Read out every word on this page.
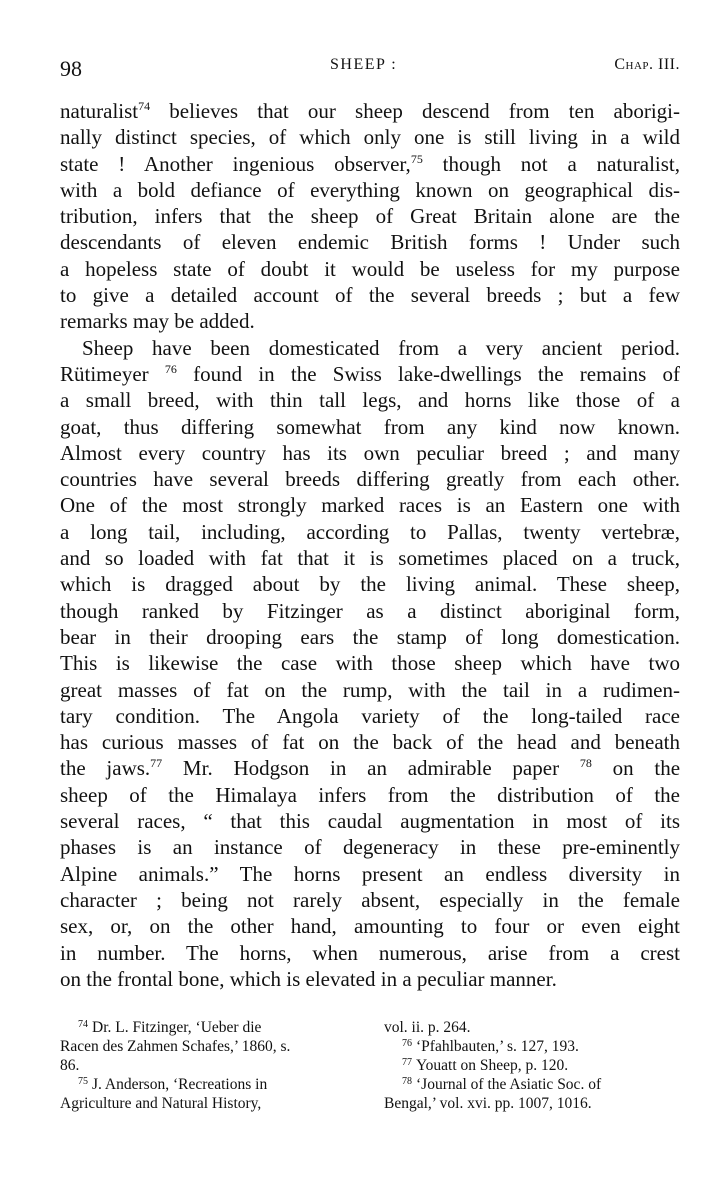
98	SHEEP :	Chap. III.
naturalist$^{74}$ believes that our sheep descend from ten aborigi-
nally distinct species, of which only one is still living in a wild
state ! Another ingenious observer,$^{75}$ though not a naturalist,
with a bold defiance of everything known on geographical dis-
tribution, infers that the sheep of Great Britain alone are the
descendants of eleven endemic British forms ! Under such
a hopeless state of doubt it would be useless for my purpose
to give a detailed account of the several breeds ; but a few
remarks may be added.
Sheep have been domesticated from a very ancient period.
Rütimeyer $^{76}$ found in the Swiss lake-dwellings the remains of
a small breed, with thin tall legs, and horns like those of a
goat, thus differing somewhat from any kind now known.
Almost every country has its own peculiar breed ; and many
countries have several breeds differing greatly from each other.
One of the most strongly marked races is an Eastern one with
a long tail, including, according to Pallas, twenty vertebræ,
and so loaded with fat that it is sometimes placed on a truck,
which is dragged about by the living animal. These sheep,
though ranked by Fitzinger as a distinct aboriginal form,
bear in their drooping ears the stamp of long domestication.
This is likewise the case with those sheep which have two
great masses of fat on the rump, with the tail in a rudimen-
tary condition. The Angola variety of the long-tailed race
has curious masses of fat on the back of the head and beneath
the jaws.$^{77}$ Mr. Hodgson in an admirable paper $^{78}$ on the
sheep of the Himalaya infers from the distribution of the
several races, “ that this caudal augmentation in most of its
phases is an instance of degeneracy in these pre-eminently
Alpine animals.” The horns present an endless diversity in
character ; being not rarely absent, especially in the female
sex, or, on the other hand, amounting to four or even eight
in number. The horns, when numerous, arise from a crest
on the frontal bone, which is elevated in a peculiar manner.
$^{74}$ Dr. L. Fitzinger, ‘Ueber die
Racen des Zahmen Schafes,’ 1860, s.
86.
$^{75}$ J. Anderson, ‘Recreations in
Agriculture and Natural History,
vol. ii. p. 264.
$^{76}$ ‘Pfahlbauten,’ s. 127, 193.
$^{77}$ Youatt on Sheep, p. 120.
$^{78}$ ‘Journal of the Asiatic Soc. of
Bengal,’ vol. xvi. pp. 1007, 1016.
